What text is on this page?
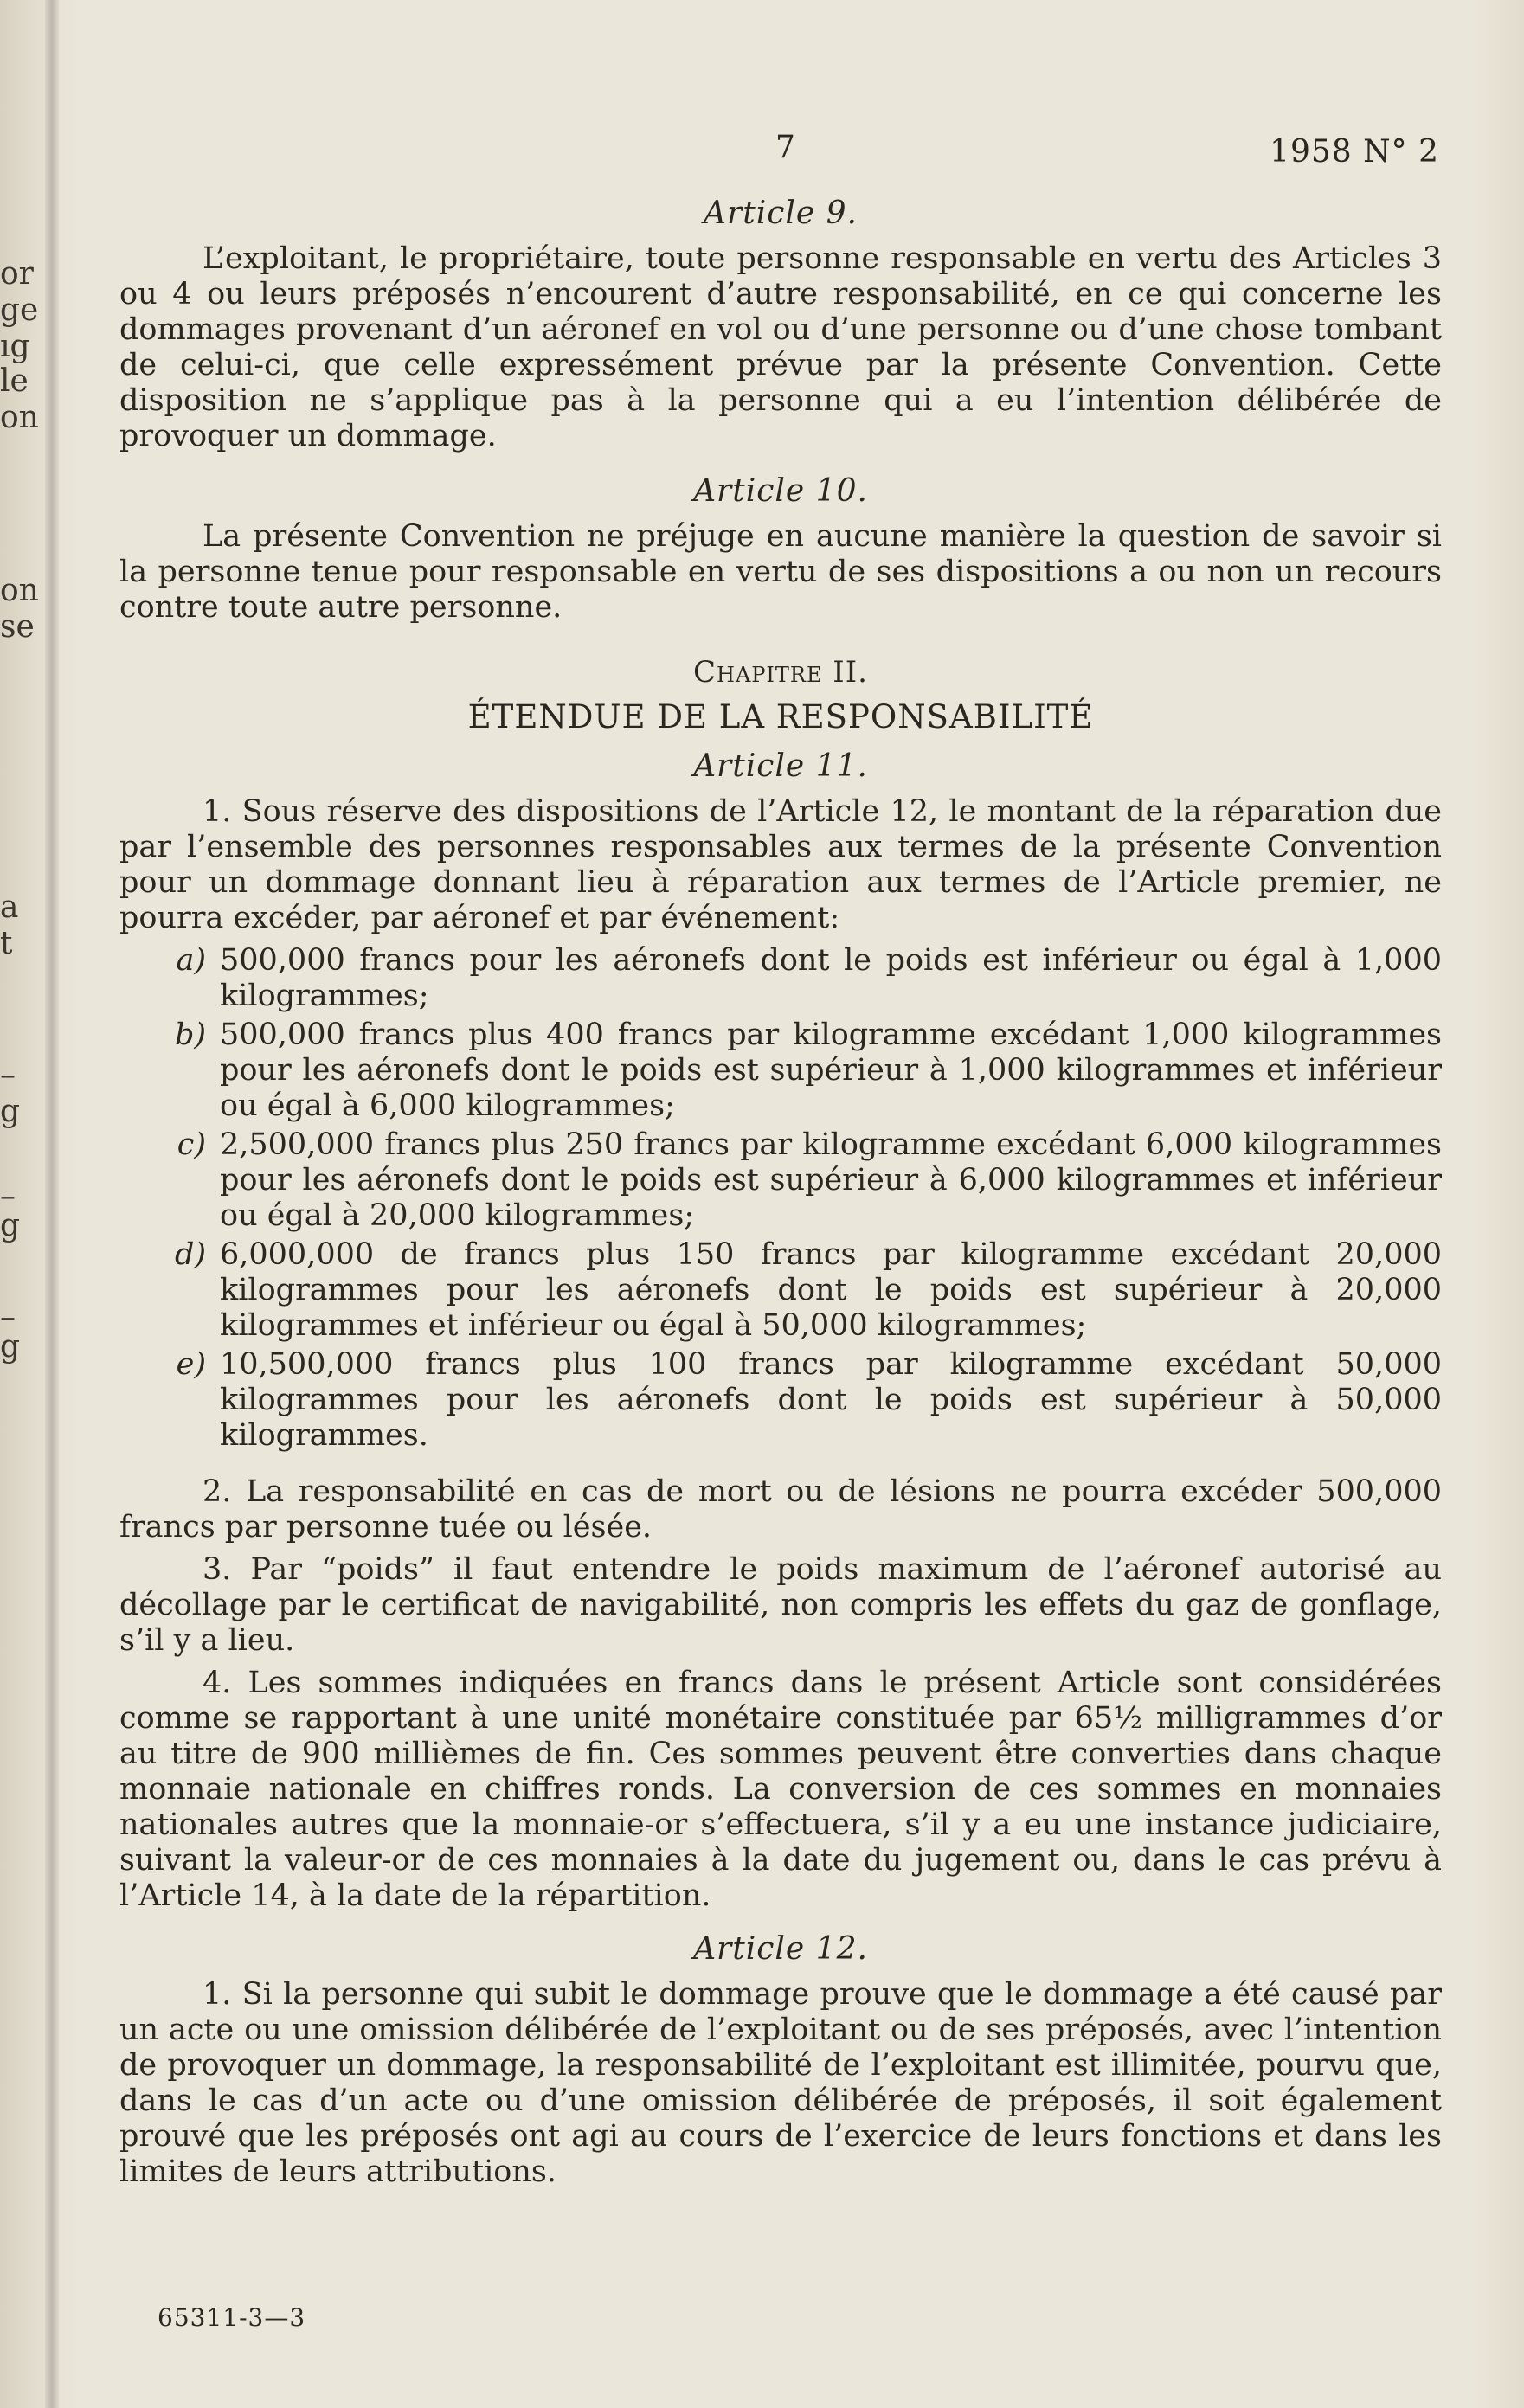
or
ge
ıg
le
on
on
se
a
t
–
g
–
g
–
g
7	1958 N° 2
Article 9.

L’exploitant, le propriétaire, toute personne responsable en vertu des Articles 3 ou 4 ou leurs préposés n’encourent d’autre responsabilité, en ce qui concerne les dommages provenant d’un aéronef en vol ou d’une personne ou d’une chose tombant de celui-ci, que celle expressément prévue par la présente Convention. Cette disposition ne s’applique pas à la personne qui a eu l’intention délibérée de provoquer un dommage.

Article 10.

La présente Convention ne préjuge en aucune manière la question de savoir si la personne tenue pour responsable en vertu de ses dispositions a ou non un recours contre toute autre personne.

Chapitre II.
ÉTENDUE DE LA RESPONSABILITÉ
Article 11.

1. Sous réserve des dispositions de l’Article 12, le montant de la réparation due par l’ensemble des personnes responsables aux termes de la présente Convention pour un dommage donnant lieu à réparation aux termes de l’Article premier, ne pourra excéder, par aéronef et par événement:

a) 500,000 francs pour les aéronefs dont le poids est inférieur ou égal à 1,000 kilogrammes;
b) 500,000 francs plus 400 francs par kilogramme excédant 1,000 kilogrammes pour les aéronefs dont le poids est supérieur à 1,000 kilogrammes et inférieur ou égal à 6,000 kilogrammes;
c) 2,500,000 francs plus 250 francs par kilogramme excédant 6,000 kilogrammes pour les aéronefs dont le poids est supérieur à 6,000 kilogrammes et inférieur ou égal à 20,000 kilogrammes;
d) 6,000,000 de francs plus 150 francs par kilogramme excédant 20,000 kilogrammes pour les aéronefs dont le poids est supérieur à 20,000 kilogrammes et inférieur ou égal à 50,000 kilogrammes;
e) 10,500,000 francs plus 100 francs par kilogramme excédant 50,000 kilogrammes pour les aéronefs dont le poids est supérieur à 50,000 kilogrammes.

2. La responsabilité en cas de mort ou de lésions ne pourra excéder 500,000 francs par personne tuée ou lésée.

3. Par “poids” il faut entendre le poids maximum de l’aéronef autorisé au décollage par le certificat de navigabilité, non compris les effets du gaz de gonflage, s’il y a lieu.

4. Les sommes indiquées en francs dans le présent Article sont considérées comme se rapportant à une unité monétaire constituée par 65½ milligrammes d’or au titre de 900 millièmes de fin. Ces sommes peuvent être converties dans chaque monnaie nationale en chiffres ronds. La conversion de ces sommes en monnaies nationales autres que la monnaie-or s’effectuera, s’il y a eu une instance judiciaire, suivant la valeur-or de ces monnaies à la date du jugement ou, dans le cas prévu à l’Article 14, à la date de la répartition.

Article 12.

1. Si la personne qui subit le dommage prouve que le dommage a été causé par un acte ou une omission délibérée de l’exploitant ou de ses préposés, avec l’intention de provoquer un dommage, la responsabilité de l’exploitant est illimitée, pourvu que, dans le cas d’un acte ou d’une omission délibérée de préposés, il soit également prouvé que les préposés ont agi au cours de l’exercice de leurs fonctions et dans les limites de leurs attributions.

65311-3—3
